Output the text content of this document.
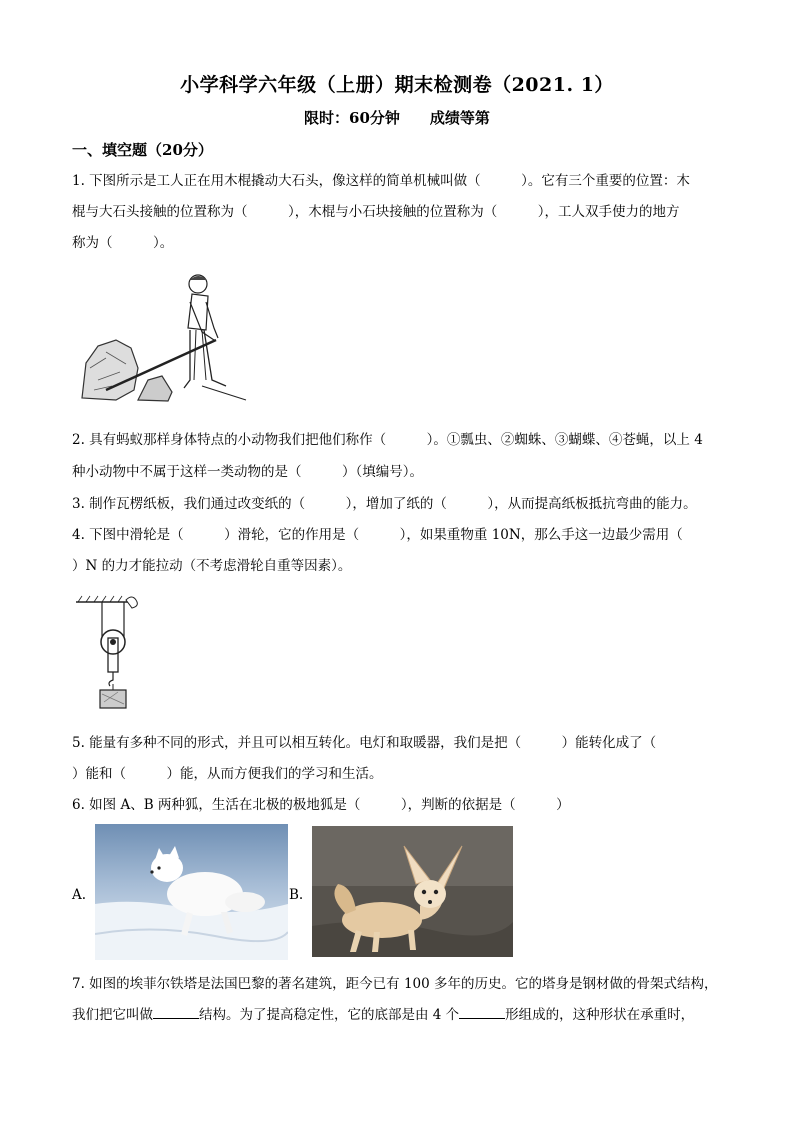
小学科学六年级（上册）期末检测卷（2021. 1）
限时：60分钟 成绩等第
一、填空题（20分）
1. 下图所示是工人正在用木棍撬动大石头，像这样的简单机械叫做（　　　）。它有三个重要的位置：木
棍与大石头接触的位置称为（　　　），木棍与小石块接触的位置称为（　　　），工人双手使力的地方
称为（　　　）。
2. 具有蚂蚁那样身体特点的小动物我们把他们称作（　　　）。①瓢虫、②蜘蛛、③蝴蝶、④苍蝇，以上 4
种小动物中不属于这样一类动物的是（　　　）（填编号）。
3. 制作瓦楞纸板，我们通过改变纸的（　　　），增加了纸的（　　　），从而提高纸板抵抗弯曲的能力。
4. 下图中滑轮是（　　　）滑轮，它的作用是（　　　），如果重物重 10N，那么手这一边最少需用（
）N 的力才能拉动（不考虑滑轮自重等因素）。
5. 能量有多种不同的形式，并且可以相互转化。电灯和取暖器，我们是把（　　　）能转化成了（
）能和（　　　）能，从而方便我们的学习和生活。
6. 如图 A、B 两种狐，生活在北极的极地狐是（　　　），判断的依据是（　　　）
A.	B.
7. 如图的埃菲尔铁塔是法国巴黎的著名建筑，距今已有 100 多年的历史。它的塔身是钢材做的骨架式结构，
我们把它叫做	结构。为了提高稳定性，它的底部是由 4 个	形组成的，这种形状在承重时，
